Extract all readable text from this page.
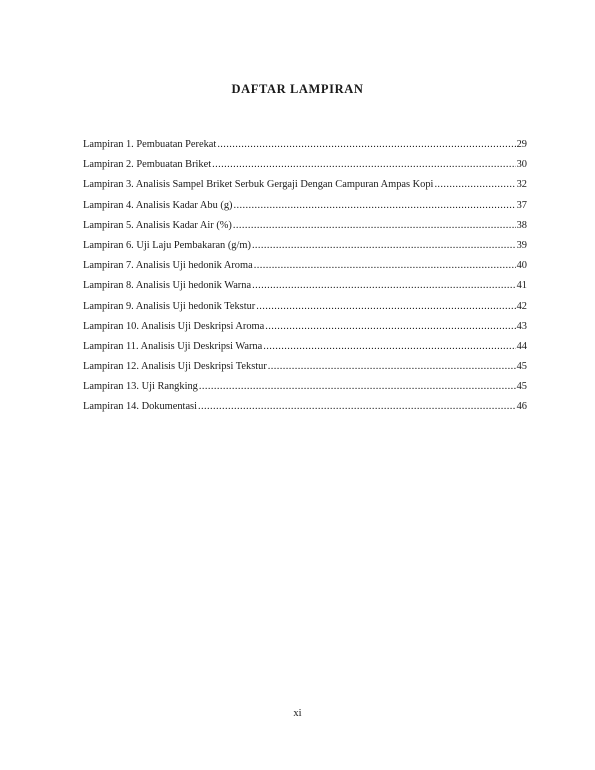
DAFTAR LAMPIRAN
Lampiran 1. Pembuatan Perekat .....	29
Lampiran 2. Pembuatan Briket .....	30
Lampiran 3. Analisis Sampel Briket Serbuk Gergaji Dengan Campuran Ampas Kopi .....	32
Lampiran 4. Analisis Kadar Abu (g) .....	37
Lampiran 5. Analisis Kadar Air (%) .....	38
Lampiran 6. Uji Laju Pembakaran (g/m) .....	39
Lampiran 7. Analisis Uji hedonik Aroma .....	40
Lampiran 8. Analisis Uji hedonik Warna .....	41
Lampiran 9. Analisis Uji hedonik Tekstur .....	42
Lampiran 10. Analisis Uji Deskripsi Aroma .....	43
Lampiran 11. Analisis Uji Deskripsi Warna .....	44
Lampiran 12. Analisis Uji Deskripsi Tekstur .....	45
Lampiran 13. Uji Rangking .....	45
Lampiran 14. Dokumentasi .....	46
xi
